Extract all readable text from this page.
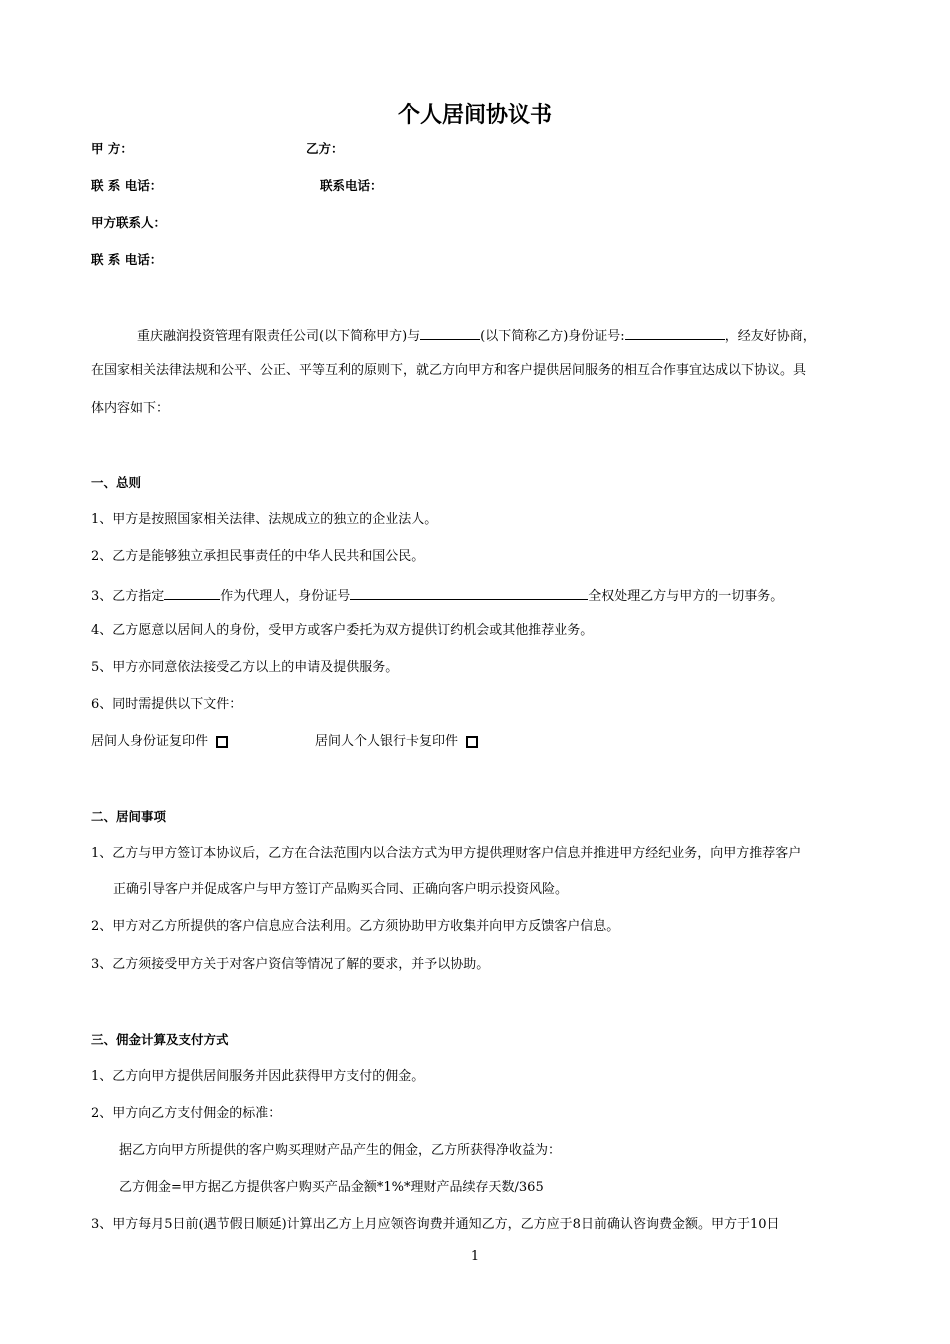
个人居间协议书
甲 方：	乙方：
联 系 电话：	联系电话：
甲方联系人：
联 系 电话：
重庆融润投资管理有限责任公司(以下简称甲方)与	(以下简称乙方)身份证号:	，经友好协商，
在国家相关法律法规和公平、公正、平等互利的原则下，就乙方向甲方和客户提供居间服务的相互合作事宜达成以下协议。具
体内容如下：
一、总则
1、甲方是按照国家相关法律、法规成立的独立的企业法人。
2、乙方是能够独立承担民事责任的中华人民共和国公民。
3、乙方指定	作为代理人，身份证号	全权处理乙方与甲方的一切事务。
4、乙方愿意以居间人的身份，受甲方或客户委托为双方提供订约机会或其他推荐业务。
5、甲方亦同意依法接受乙方以上的申请及提供服务。
6、同时需提供以下文件：
居间人身份证复印件	居间人个人银行卡复印件
二、居间事项
1、乙方与甲方签订本协议后，乙方在合法范围内以合法方式为甲方提供理财客户信息并推进甲方经纪业务，向甲方推荐客户
正确引导客户并促成客户与甲方签订产品购买合同、正确向客户明示投资风险。
2、甲方对乙方所提供的客户信息应合法利用。乙方须协助甲方收集并向甲方反馈客户信息。
3、乙方须接受甲方关于对客户资信等情况了解的要求，并予以协助。
三、佣金计算及支付方式
1、乙方向甲方提供居间服务并因此获得甲方支付的佣金。
2、甲方向乙方支付佣金的标准：
据乙方向甲方所提供的客户购买理财产品产生的佣金，乙方所获得净收益为：
乙方佣金=甲方据乙方提供客户购买产品金额*1%*理财产品续存天数/365
3、甲方每月5日前(遇节假日顺延)计算出乙方上月应领咨询费并通知乙方，乙方应于8日前确认咨询费金额。甲方于10日
1
